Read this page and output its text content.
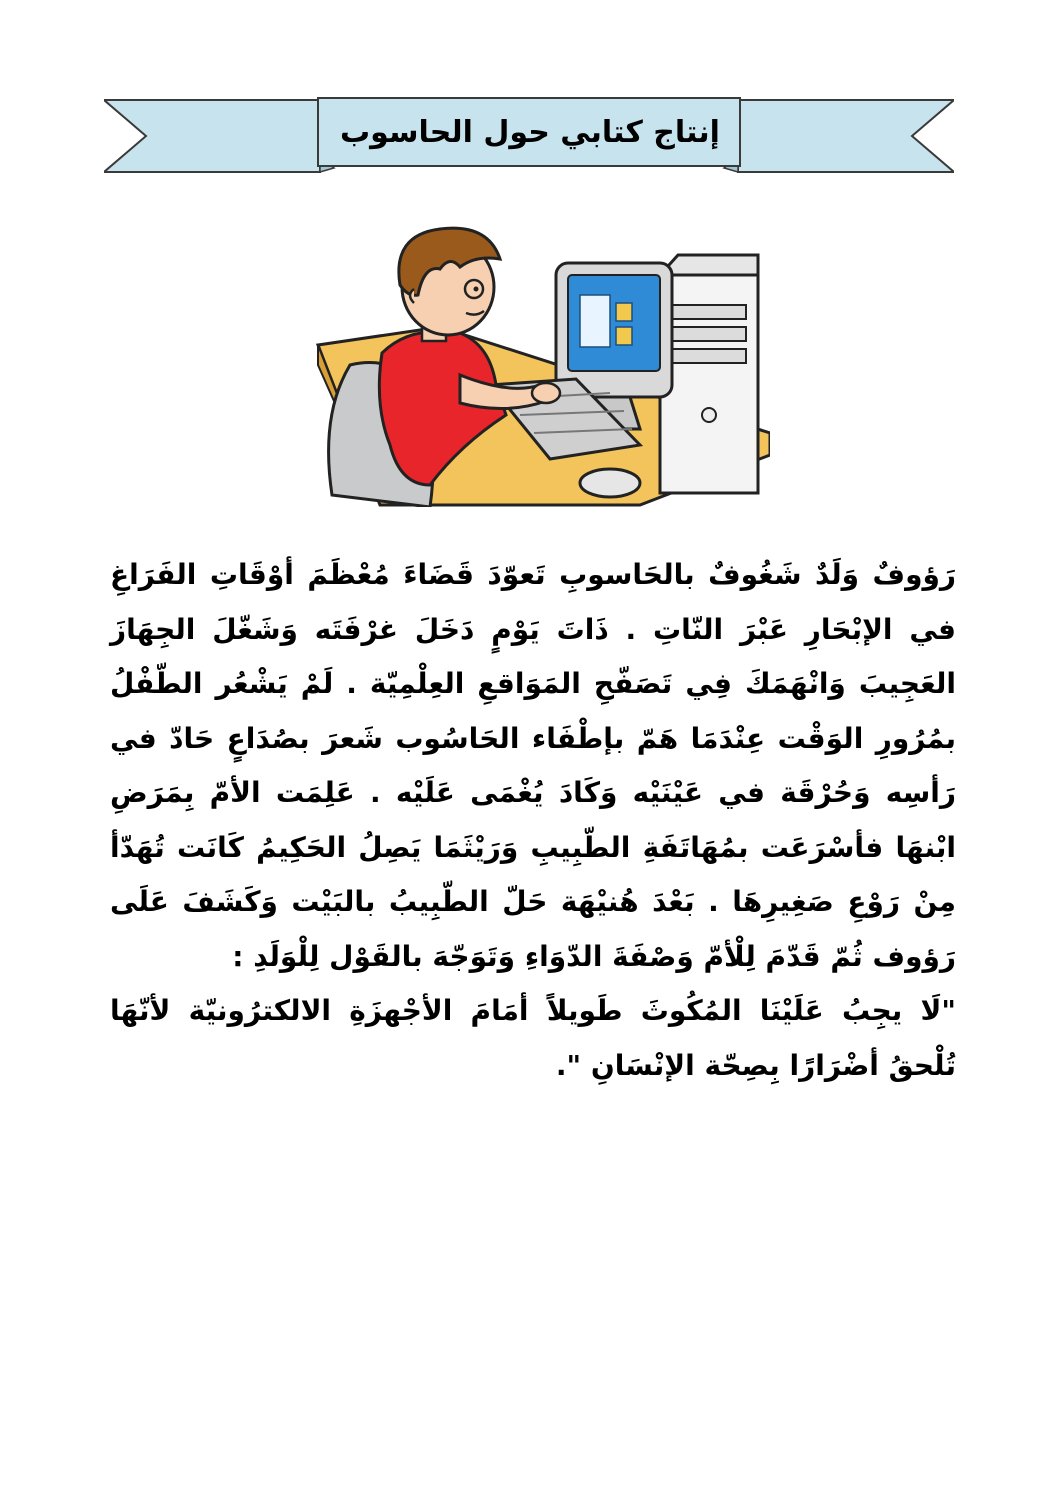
إنتاج كتابي حول الحاسوب

رَؤوفٌ وَلَدٌ شَغُوفٌ بالحَاسوبِ تَعوّدَ قَضَاءَ مُعْظَمَ أوْقَاتِ الفَرَاغِ في الإبْحَارِ عَبْرَ النّاتِ . ذَاتَ يَوْمٍ دَخَلَ غرْفَتَه وَشَغّلَ الجِهَازَ العَجِيبَ وَانْهَمَكَ فِي تَصَفّحِ المَوَاقعِ العِلْمِيّة . لَمْ يَشْعُر الطّفْلُ بمُرُورِ الوَقْت عِنْدَمَا هَمّ بإطْفَاء الحَاسُوب شَعرَ بصُدَاعٍ حَادّ في رَأسِه وَحُرْقَة في عَيْنَيْه وَكَادَ يُغْمَى عَلَيْه . عَلِمَت الأمّ بِمَرَضِ ابْنهَا فأسْرَعَت بمُهَاتَفَةِ الطّبِيبِ وَرَيْثَمَا يَصِلُ الحَكِيمُ كَانَت تُهَدّأ مِنْ رَوْعِ صَغِيرِهَا . بَعْدَ هُنيْهَة حَلّ الطّبِيبُ بالبَيْت وَكَشَفَ عَلَى رَؤوف ثُمّ قَدّمَ لِلْأمّ وَصْفَةَ الدّوَاءِ وَتَوَجّهَ بالقَوْل لِلْوَلَدِ :

"لَا يجِبُ عَلَيْنَا المُكُوثَ طَويلاً أمَامَ الأجْهزَةِ الالكترُونيّة لأنّهَا تُلْحقُ أضْرَارًا بِصِحّة الإنْسَانِ ".
